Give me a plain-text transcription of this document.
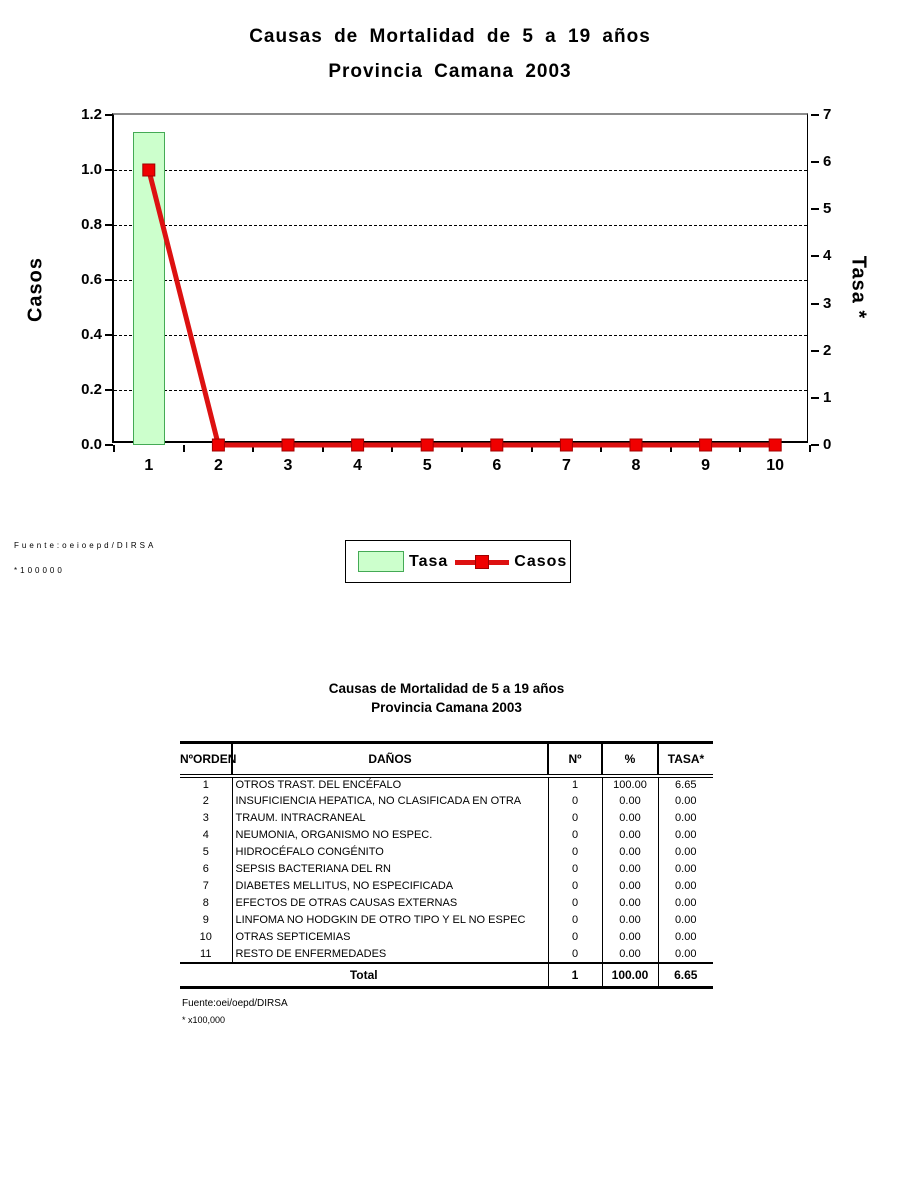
Causas de Mortalidad de 5 a 19 años
Provincia Camana 2003
0.0
0.2
0.4
0.6
0.8
1.0
1.2
0
1
2
3
4
5
6
7
1	2	3	4	5	6	7	8	9	10
Casos	Tasa *
Fuente:oeioepd/DIRSA
*100000
Tasa	Casos
Causas de Mortalidad de 5 a 19 años
Provincia Camana 2003
NºORDEN	DAÑOS	Nº	%	TASA*
1	OTROS TRAST. DEL ENCÉFALO	1	100.00	6.65
2	INSUFICIENCIA HEPATICA, NO CLASIFICADA EN OTRA	0	0.00	0.00
3	TRAUM. INTRACRANEAL	0	0.00	0.00
4	NEUMONIA, ORGANISMO NO ESPEC.	0	0.00	0.00
5	HIDROCÉFALO CONGÉNITO	0	0.00	0.00
6	SEPSIS BACTERIANA DEL RN	0	0.00	0.00
7	DIABETES MELLITUS, NO ESPECIFICADA	0	0.00	0.00
8	EFECTOS DE OTRAS CAUSAS EXTERNAS	0	0.00	0.00
9	LINFOMA NO HODGKIN DE OTRO TIPO Y EL NO ESPEC	0	0.00	0.00
10	OTRAS SEPTICEMIAS	0	0.00	0.00
11	RESTO DE ENFERMEDADES	0	0.00	0.00
Total		1	100.00	6.65
Fuente:oei/oepd/DIRSA
* x100,000
